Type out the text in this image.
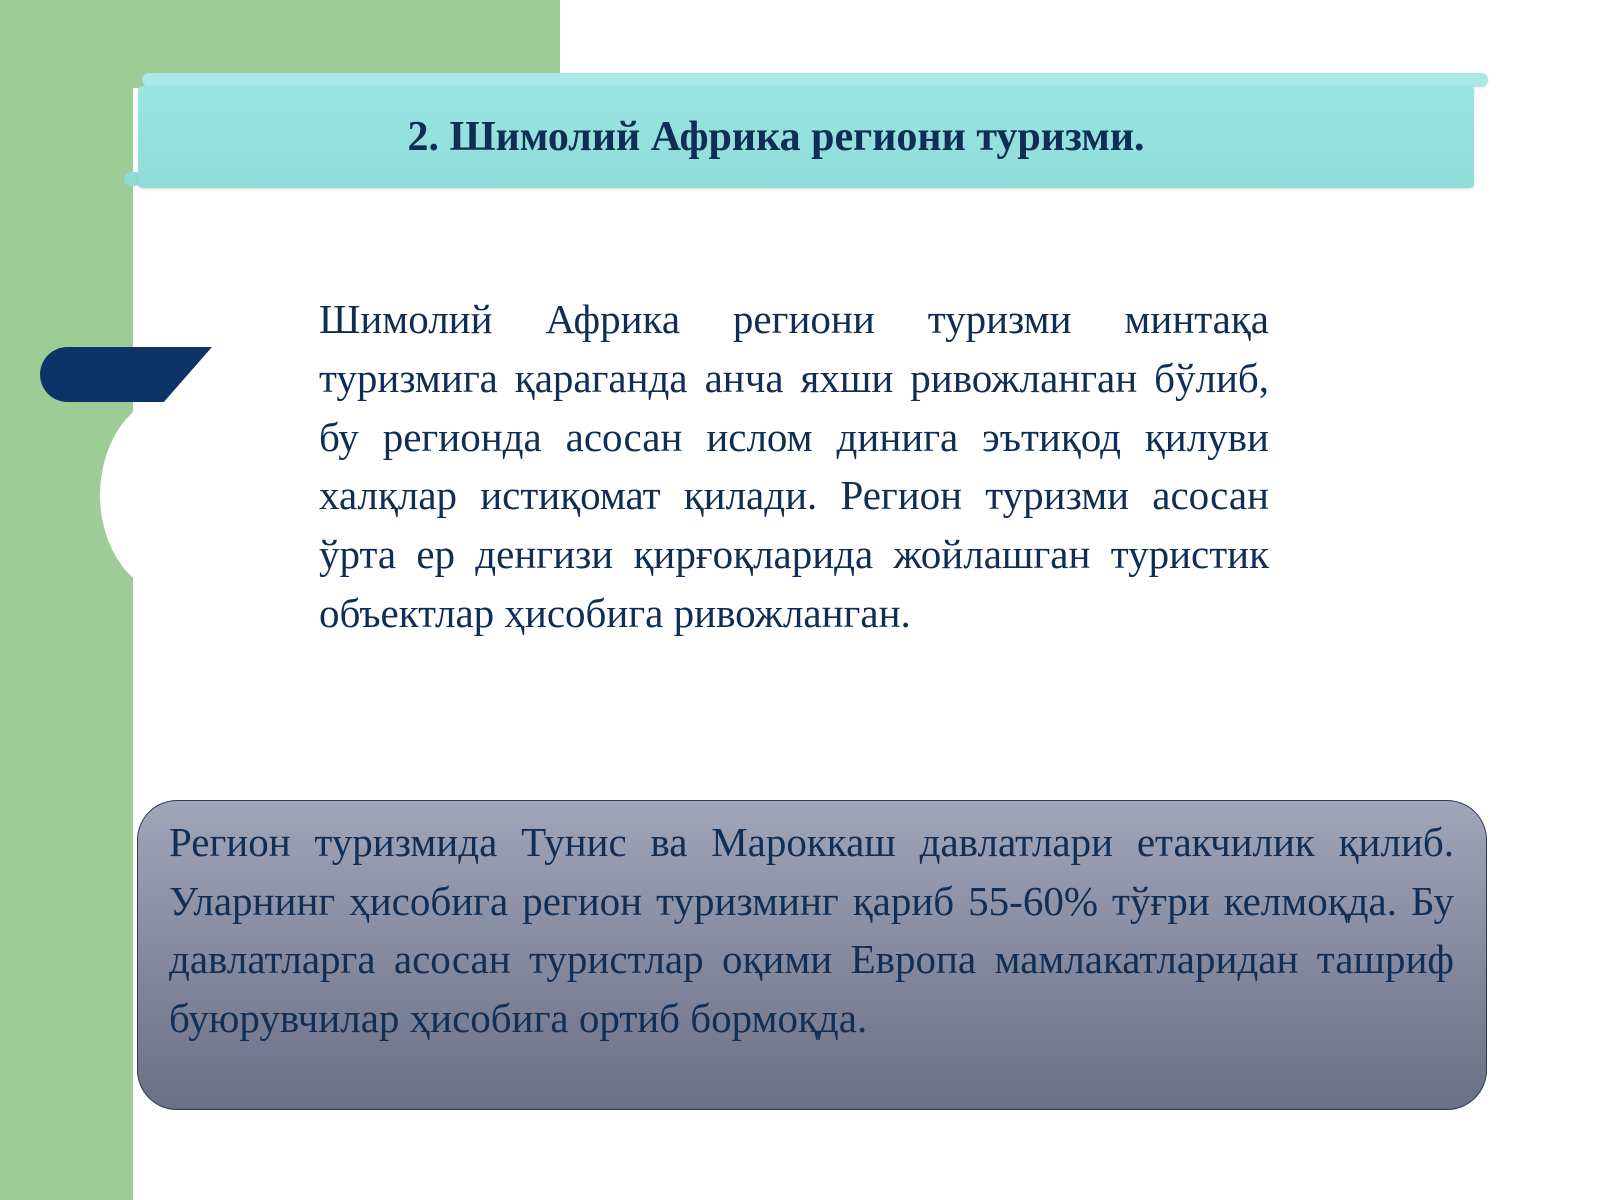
2. Шимолий Африка региони туризми.

Шимолий Африка региони туризми минтақа туризмига қараганда анча яхши ривожланган бўлиб, бу регионда асосан ислом динига эътиқод қилуви халқлар истиқомат қилади. Регион туризми асосан ўрта ер денгизи қирғоқларида жойлашган туристик объектлар ҳисобига ривожланган.

Регион туризмида Тунис ва Мароккаш давлатлари етакчилик қилиб. Уларнинг ҳисобига регион туризминг қариб 55-60% тўғри келмоқда. Бу давлатларга асосан туристлар оқими Европа мамлакатларидан ташриф буюрувчилар ҳисобига ортиб бормоқда.
